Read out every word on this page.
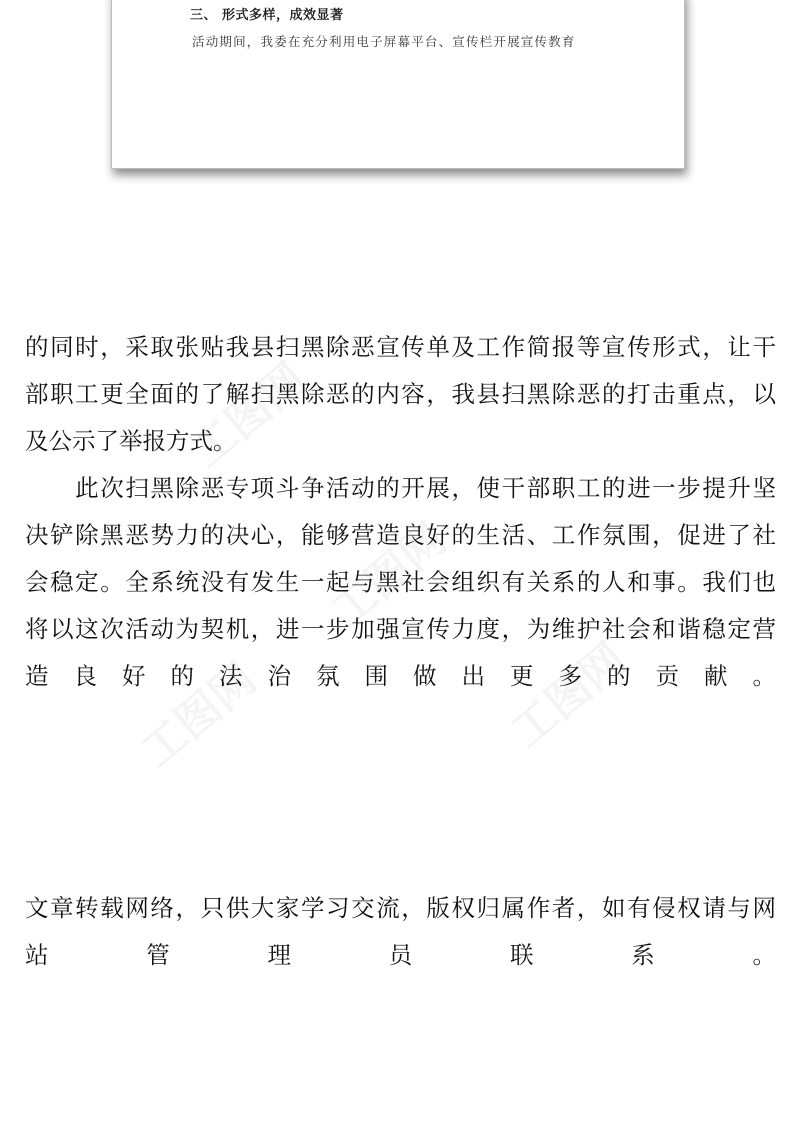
三、 形式多样，成效显著
活动期间，我委在充分利用电子屏幕平台、宣传栏开展宣传教育
的同时，采取张贴我县扫黑除恶宣传单及工作简报等宣传形式，让干
部职工更全面的了解扫黑除恶的内容，我县扫黑除恶的打击重点，以
及公示了举报方式。
　　此次扫黑除恶专项斗争活动的开展，使干部职工的进一步提升坚
决铲除黑恶势力的决心，能够营造良好的生活、工作氛围，促进了社
会稳定。全系统没有发生一起与黑社会组织有关系的人和事。我们也
将以这次活动为契机，进一步加强宣传力度，为维护社会和谐稳定营
造良好的法治氛围做出更多的贡献。
文章转载网络，只供大家学习交流，版权归属作者，如有侵权请与网
站管理员联系。
